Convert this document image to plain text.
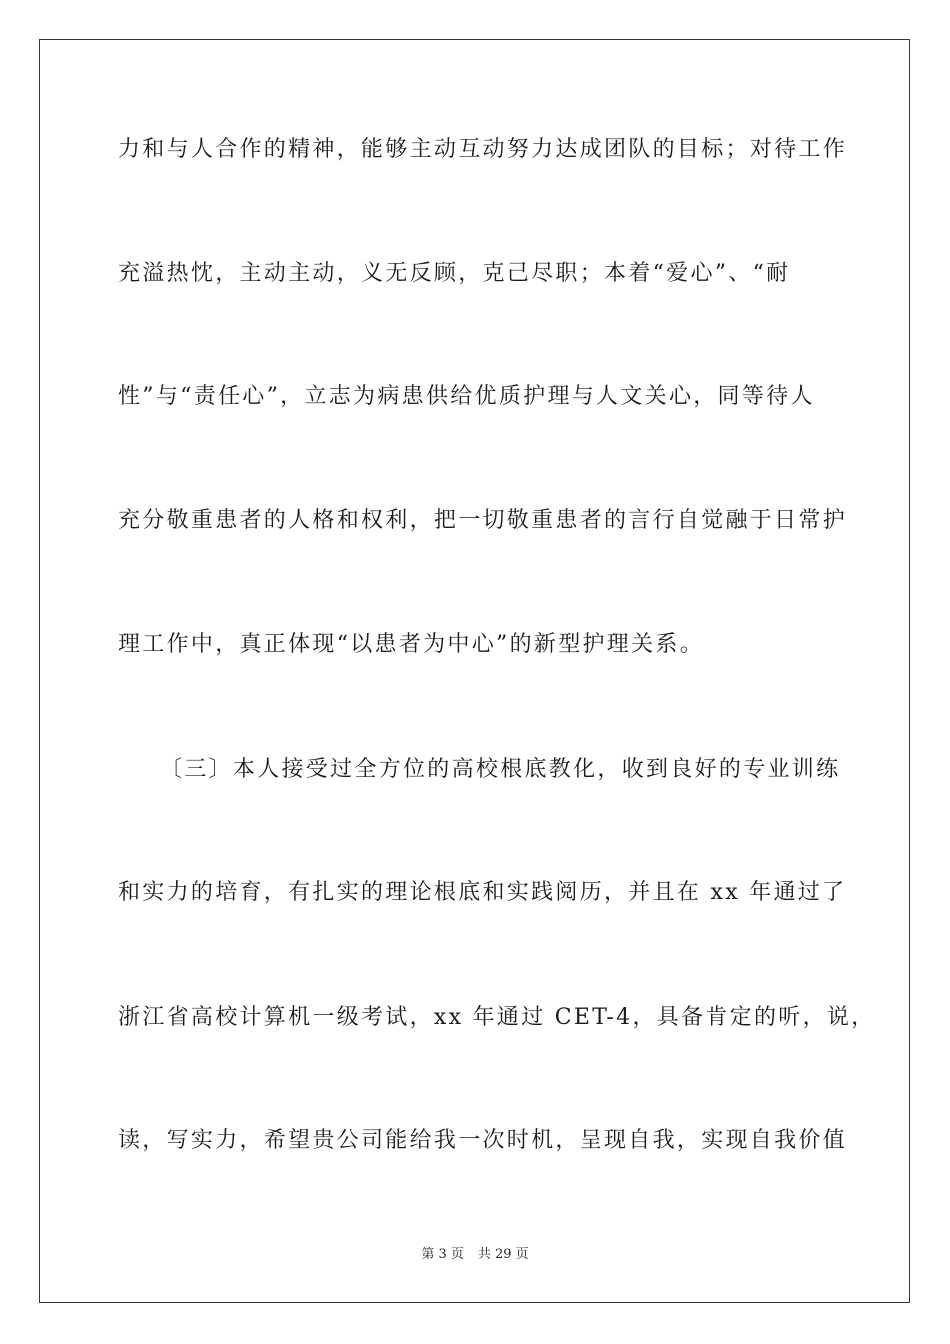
力和与人合作的精神，能够主动互动努力达成团队的目标；对待工作
充溢热忱，主动主动，义无反顾，克己尽职；本着“爱心”、“耐
性”与“责任心”，立志为病患供给优质护理与人文关心，同等待人
充分敬重患者的人格和权利，把一切敬重患者的言行自觉融于日常护
理工作中，真正体现“以患者为中心”的新型护理关系。
〔三〕本人接受过全方位的高校根底教化，收到良好的专业训练
和实力的培育，有扎实的理论根底和实践阅历，并且在 xx 年通过了
浙江省高校计算机一级考试，xx 年通过 CET-4，具备肯定的听，说，
读，写实力，希望贵公司能给我一次时机，呈现自我，实现自我价值
第 3 页 共 29 页
